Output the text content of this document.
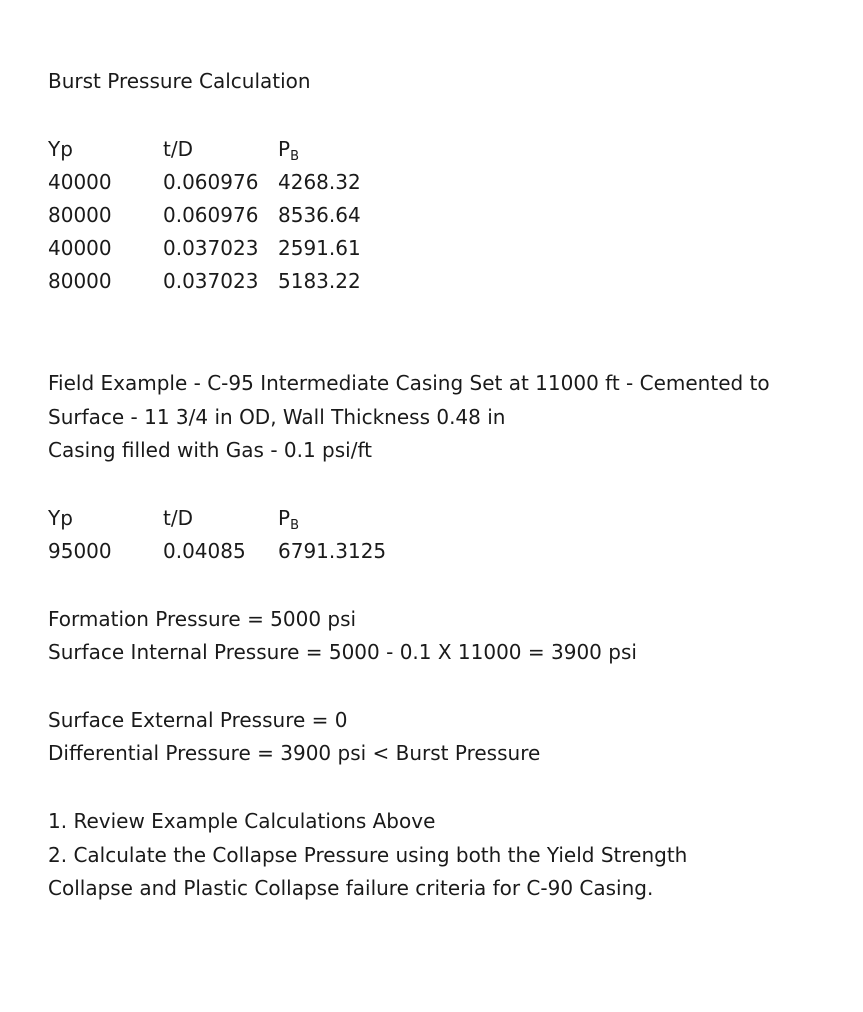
Burst Pressure Calculation
Yp	t/D	$P_B$
40000	0.060976 4268.32
80000	0.060976 8536.64
40000	0.037023 2591.61
80000	0.037023 5183.22
Field Example - C-95 Intermediate Casing Set at 11000 ft - Cemented to
Surface - 11 3/4 in OD, Wall Thickness 0.48 in
Casing filled with Gas - 0.1 psi/ft
Yp	t/D	$P_B$
95000	0.04085 6791.3125
Formation Pressure = 5000 psi
Surface Internal Pressure = 5000 - 0.1 X 11000 = 3900 psi
Surface External Pressure = 0
Differential Pressure = 3900 psi < Burst Pressure
1. Review Example Calculations Above
2. Calculate the Collapse Pressure using both the Yield Strength
Collapse and Plastic Collapse failure criteria for C-90 Casing.
